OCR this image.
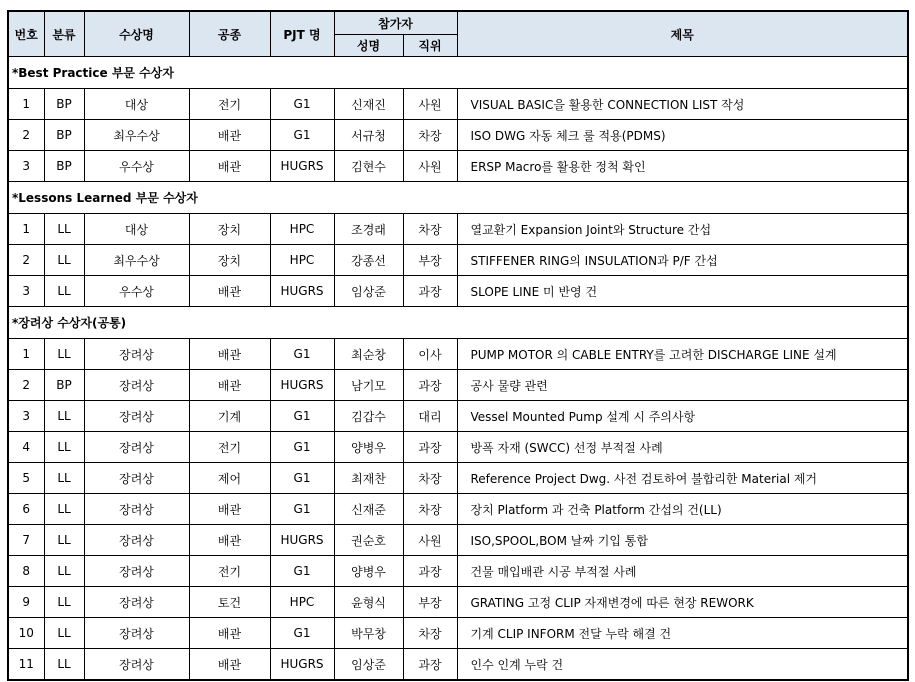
번호	분류	수상명	공종	PJT 명	참가자		제목
					성명	직위	
*Best Practice 부문 수상자							
1	BP	대상	전기	G1	신재진	사원	VISUAL BASIC을 활용한 CONNECTION LIST 작성
2	BP	최우수상	배관	G1	서규청	차장	ISO DWG 자동 체크 룰 적용(PDMS)
3	BP	우수상	배관	HUGRS	김현수	사원	ERSP Macro를 활용한 정척 확인
*Lessons Learned 부문 수상자							
1	LL	대상	장치	HPC	조경래	차장	열교환기 Expansion Joint와 Structure 간섭
2	LL	최우수상	장치	HPC	강종선	부장	STIFFENER RING의 INSULATION과 P/F 간섭
3	LL	우수상	배관	HUGRS	임상준	과장	SLOPE LINE 미 반영 건
*장려상 수상자(공통)							
1	LL	장려상	배관	G1	최순창	이사	PUMP MOTOR 의 CABLE ENTRY를 고려한 DISCHARGE LINE 설계
2	BP	장려상	배관	HUGRS	남기모	과장	공사 물량 관련
3	LL	장려상	기계	G1	김갑수	대리	Vessel Mounted Pump 설계 시 주의사항
4	LL	장려상	전기	G1	양병우	과장	방폭 자재 (SWCC) 선정 부적절 사례
5	LL	장려상	제어	G1	최재찬	차장	Reference Project Dwg. 사전 검토하여 불합리한 Material 제거
6	LL	장려상	배관	G1	신재준	차장	장치 Platform 과 건축 Platform 간섭의 건(LL)
7	LL	장려상	배관	HUGRS	권순호	사원	ISO,SPOOL,BOM 날짜 기입 통합
8	LL	장려상	전기	G1	양병우	과장	건물 매입배관 시공 부적절 사례
9	LL	장려상	토건	HPC	윤형식	부장	GRATING 고정 CLIP 자재변경에 따른 현장 REWORK
10	LL	장려상	배관	G1	박무창	차장	기계 CLIP INFORM 전달 누락 해결 건
11	LL	장려상	배관	HUGRS	임상준	과장	인수 인계 누락 건
